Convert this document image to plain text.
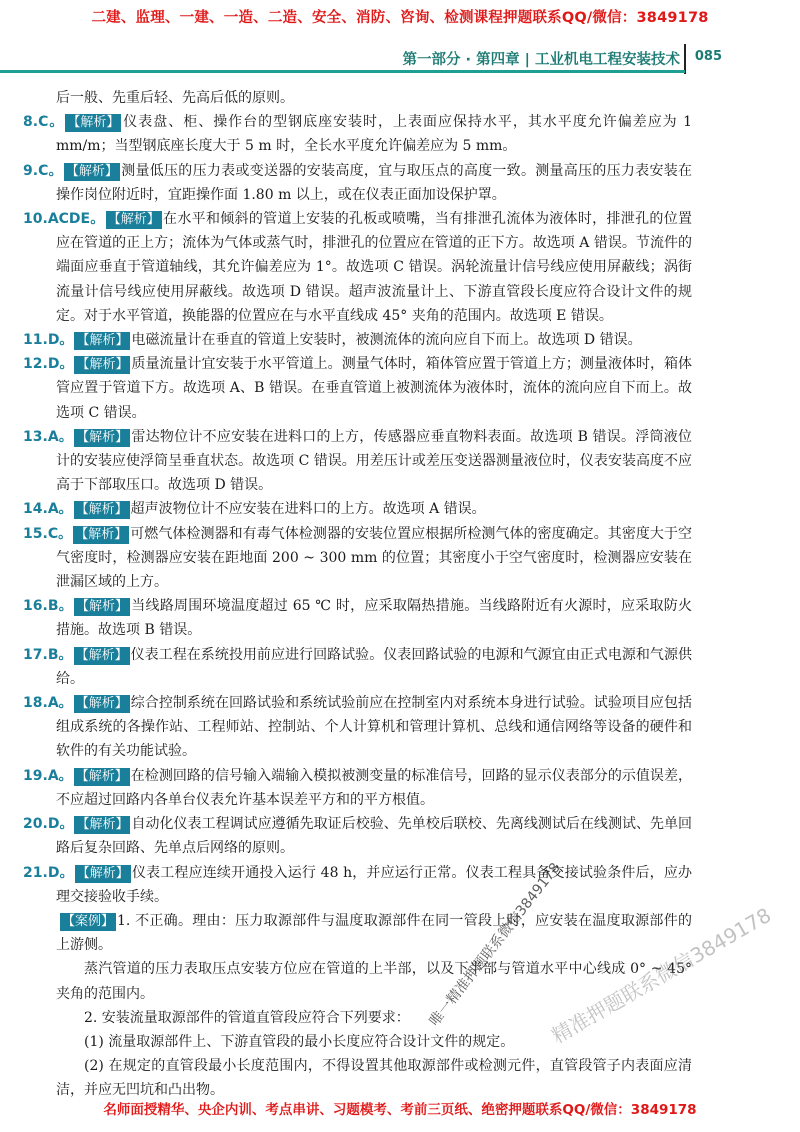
二建、监理、一建、一造、二造、安全、消防、咨询、检测课程押题联系QQ/微信：3849178
第一部分 · 第四章 | 工业机电工程安装技术 085

后一般、先重后轻、先高后低的原则。

8.C。 【解析】 仪表盘、柜、操作台的型钢底座安装时，上表面应保持水平，其水平度允许偏差应为 1 mm/m；当型钢底座长度大于 5 m 时，全长水平度允许偏差应为 5 mm。

9.C。 【解析】 测量低压的压力表或变送器的安装高度，宜与取压点的高度一致。测量高压的压力表安装在操作岗位附近时，宜距操作面 1.80 m 以上，或在仪表正面加设保护罩。

10.ACDE。 【解析】 在水平和倾斜的管道上安装的孔板或喷嘴，当有排泄孔流体为液体时，排泄孔的位置应在管道的正上方；流体为气体或蒸气时，排泄孔的位置应在管道的正下方。故选项 A 错误。节流件的端面应垂直于管道轴线，其允许偏差应为 1°。故选项 C 错误。涡轮流量计信号线应使用屏蔽线；涡街流量计信号线应使用屏蔽线。故选项 D 错误。超声波流量计上、下游直管段长度应符合设计文件的规定。对于水平管道，换能器的位置应在与水平直线成 45° 夹角的范围内。故选项 E 错误。

11.D。 【解析】 电磁流量计在垂直的管道上安装时，被测流体的流向应自下而上。故选项 D 错误。

12.D。 【解析】 质量流量计宜安装于水平管道上。测量气体时，箱体管应置于管道上方；测量液体时，箱体管应置于管道下方。故选项 A、B 错误。在垂直管道上被测流体为液体时，流体的流向应自下而上。故选项 C 错误。

13.A。 【解析】 雷达物位计不应安装在进料口的上方，传感器应垂直物料表面。故选项 B 错误。浮筒液位计的安装应使浮筒呈垂直状态。故选项 C 错误。用差压计或差压变送器测量液位时，仪表安装高度不应高于下部取压口。故选项 D 错误。

14.A。 【解析】 超声波物位计不应安装在进料口的上方。故选项 A 错误。

15.C。 【解析】 可燃气体检测器和有毒气体检测器的安装位置应根据所检测气体的密度确定。其密度大于空气密度时，检测器应安装在距地面 200 ~ 300 mm 的位置；其密度小于空气密度时，检测器应安装在泄漏区域的上方。

16.B。 【解析】 当线路周围环境温度超过 65 ℃ 时，应采取隔热措施。当线路附近有火源时，应采取防火措施。故选项 B 错误。

17.B。 【解析】 仪表工程在系统投用前应进行回路试验。仪表回路试验的电源和气源宜由正式电源和气源供给。

18.A。 【解析】 综合控制系统在回路试验和系统试验前应在控制室内对系统本身进行试验。试验项目应包括组成系统的各操作站、工程师站、控制站、个人计算机和管理计算机、总线和通信网络等设备的硬件和软件的有关功能试验。

19.A。 【解析】 在检测回路的信号输入端输入模拟被测变量的标准信号，回路的显示仪表部分的示值误差，不应超过回路内各单台仪表允许基本误差平方和的平方根值。

20.D。 【解析】 自动化仪表工程调试应遵循先取证后校验、先单校后联校、先离线测试后在线测试、先单回路后复杂回路、先单点后网络的原则。

21.D。 【解析】 仪表工程应连续开通投入运行 48 h，并应运行正常。仪表工程具备交接试验条件后，应办理交接验收手续。

【案例】 1. 不正确。理由：压力取源部件与温度取源部件在同一管段上时，应安装在温度取源部件的上游侧。

蒸汽管道的压力表取压点安装方位应在管道的上半部，以及下半部与管道水平中心线成 0° ~ 45° 夹角的范围内。

2. 安装流量取源部件的管道直管段应符合下列要求：

(1) 流量取源部件上、下游直管段的最小长度应符合设计文件的规定。

(2) 在规定的直管段最小长度范围内，不得设置其他取源部件或检测元件，直管段管子内表面应清洁，并应无凹坑和凸出物。

唯一精准押题联系微信3849178
精准押题联系微信3849178
名师面授精华、央企内训、考点串讲、习题模考、考前三页纸、绝密押题联系QQ/微信：3849178
